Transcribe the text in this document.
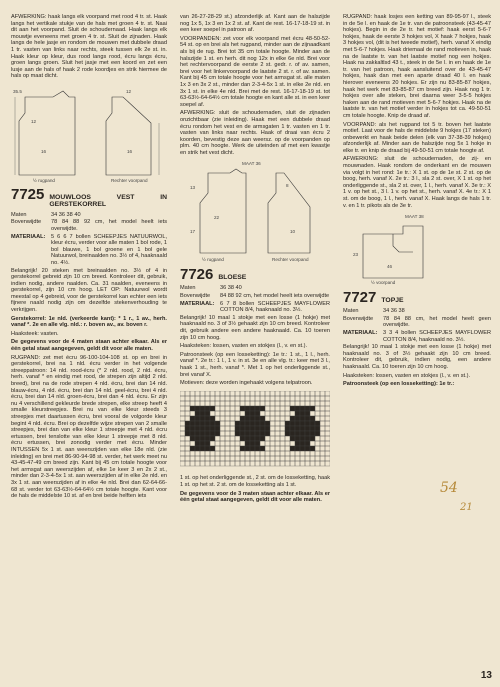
AFWERKING: haak langs elk voorpand met rood 4 tr. st. Haak langs het vertikale stukje van de hals met groen 4 tr. st. Naai dit aan het voorpand. Sluit de schoudernaad. Haak langs elk mouwtje eveneens met groen 4 tr. st. Sluit de zijnaden. Haak langs de hele jasje en rondom de mouwen met dubbele draad 1 tr. vasten van links naar rechts, steek tussen elk 2e st. in. Haak kleur op kleur, dus rood langs rood, écru langs écru, groen langs groen. Sluit het jasje met een koord en zet een lusje aan de hals of haak 2 rode koordjes en strik hiermee de hals op maat dicht.

35.5
12
16
12
16
½ rugpand	Rechter voorpand
7725 MOUWLOOS VEST IN GERSTEKORREL
Maten	34 36 38 40
Bovenwijdte	78 84 88 92 cm, het model heelt iets overwijdte.
MATERIAAL:	5 6 6 7 bollen SCHEEPJES NATUURWOL, kleur écru, verder voor alle maten 1 bol rode, 1 bol blauwe, 1 bol groene en 1 bol gele Natuurwol, breinaalden no. 3½ of 4, haaknaald no. 4½.

Belangrijk! 20 steken met breinaalden no. 3½ of 4 in gerstekorrel gebreid zijn 10 cm breed. Kontroleer dit, gebruik, indien nodig, andere naalden. Ca. 31 naalden, eveneens in gerstekorrel, zijn 10 cm hoog. LET OP: Natuurwol wordt meestal op 4 gebreid, voor de gerstekorrel kan echter een iets fijnere naald nodig zijn om dezelfde stekenverhouding te verkrijgen.

Gerstekorrel: 1e nld. (verkeerde kant): * 1 r., 1 av., herh. vanaf *. 2e en alle vlg. nld.: r. boven av., av. boven r.

Haaksteek: vasten.

De gegevens voor de 4 maten staan achter elkaar. Als er één getal staat aangegeven, geldt dit voor alle maten.

RUGPAND: zet met écru 96-100-104-108 st. op en brei in gerstekorrel, brei na 1 nld. écru verder in het volgende streeppatroon: 14 nld. rood-écru (* 2 nld. rood, 2 nld. écru, herh. vanaf * en eindig met rood, de strepen zijn altijd 2 nld. breed), brei na de rode strepen 4 nld. écru, brei dan 14 nld. blauw-écru, 4 nld. écru, brei dan 14 nld. geel-écru, brei 4 nld. écru, brei dan 14 nld. groen-écru, brei dan 4 nld. écru. Er zijn nu 4 verschillend gekleurde brede strepen, elke streep heeft 4 smalle kleurstreepjes. Brei nu van elke kleur steeds 3 streepjes met daartussen écru, brei vooral de volgorde kleur begint 4 nld. écru. Brei op dezelfde wijze strepen van 2 smalle streepjes, brei dan van elke kleur 1 streepje met 4 nld. écru ertussen, brei tenslotte van elke kleur 1 streepje met 8 nld. écru ertussen, brei zonodig verder met écru. Minder INTUSSEN 5x 1 st. aan weerszijden van elke 18e nld. (zie inleiding) en brei met 86-90-94-98 st. verder, het werk meet nu 43-45-47-49 cm breed zijn. Kant bij 45 cm totale hoogte voor het armsgat aan weerszijden af, elke 1e keer 3 en 2x 2 st., minder dan 2-3-4-5x 1 st. aan weerszijden af in elke 2e nld. en 3x 1 st. aan weerszijden af in elke 4e nld. Brei dan 62-64-66-68 st. verder tot 63-63½-64-64½ cm totale hoogte. Kant voor de hals de middelste 10 st. af en brei beide helften iets

van 26-27-28-29 st.) afzonderlijk af. Kant aan de halszijde nog 1x 5, 1x 3 en 1x 2 st. af. Kant de rest. 16-17-18-19 st. in een keer soepel in patroon af.

VOORPANDEN: zet voor elk voorpand met écru 48-50-52-54 st. op en brei als het rugpand, minder aan de zijnaadkant als bij de rug. Brei tot 35 cm totale hoogte. Minder aan de halszijde 1 st. en herh. dit nog 12x in elke 6e nld. Brei voor het rechtervoorpand de eerste 2 st. gedr. r. of av. samen, brei voor het linkervoorpand de laatste 2 st. r. of av. samen. Kant bij 45 cm totale hoogte voor het armsgat st. alle maten 1x 3 en 3x 2 st., minder dan 2-3-4-5x 1 st. in elke 2e nld. en 3x 1 st. in elke 4e nld. Brei met de rest. 16-17-18-19 st. tot 63-63½-64-64½ cm totale hoogte en kant alle st. in een keer soepel af.

AFWERKING: sluit de schoudernaden, sluit de zijnaden onzichtbaar (zie inleiding). Haak met een dubbele draad écru rondom het vest en de armsgaten 1 tr. vasten en 1 tr. vasten van links naar rechts. Haak of draai van écru 2 koorden, bevestig deze aan weersz. op de voorpanden op plm. 40 cm hoogte. Werk de uiteinden af met een kwastje en strik het vest dicht.

MAAT 36
22
13
17
8
10
½ rugpand	Rechter voorpand
7726 BLOESE
Maten	36 38 40
Bovenwijdte	84 88 92 cm, het model heelt iets overwijdte
MATERIAAL:	6 7 8 bollen SCHEEPJES MAYFLOWER COTTON 8/4, haaknaald no. 3½.

Belangrijk! 10 maal 1 stokje met een losse (1 hokje) met haaknaald no. 3 of 3½ gehaakt zijn 10 cm breed. Kontroleer dit, gebruik andere een andere haaknaald. Ca. 10 toeren zijn 10 cm hoog.

Haaksteken: lossen, vasten en stokjes (l., v. en st.).

Patroonsteek (op een losseketting): 1e tr.: 1 st., 1 l., herh. vanaf *. 2e tr.: 1 l., 1 v. in st. 3e en alle vlg. tr.: keer met 3 l., haak 1 st., herh. vanaf *. Met 1 op het onderliggende st., brei vanaf X.

Motieven: deze worden ingehaakt volgens telpatroon.

1 st. op het onderliggende st., 2 st. om de losseketting, haak 1 st. op het st. 2 st. om de losseketting als 1 st.

De gegevens voor de 3 maten staan achter elkaar. Als er één getal staat aangegeven, geldt dit voor alle maten.

RUGPAND: haak losjes een ketting van 89-95-97 l., steek in de 5e l. en haak de 1e tr. van de patroonsteek (43-45-47 hokjes). Begin in de 2e tr. het motief: haak eerst 5-6-7 hokjes, haak de eerste 3 hokjes vol, X haak 7 hokjes, haak 3 hokjes vol, (dit is het tweede motief), herh. vanaf X eindig met 5-6-7 hokjes. Haak driemaal de rand motieven in, haak na de laatste tr. van het laatste motief nog een hokjes. Haak na zakkaltlsd 43 t., steek in de 5e l. in en haak de 1e tr. van het patroon, haak aansluitend over de 43-45-47 hokjes, haak dan met een aparte draad 40 l. en haak hierover eveneens 20 hokjes. Er zijn nu 83-85-87 hokjes, haak het werk met 83-85-87 cm breed zijn. Haak nog 1 tr. hokjes over alle steken, brei daarna weer 3-5-5 hokjes haken aan de rand motieven met 5-6-7 hokjes. Haak na de laatste tr. van het motief verder in hokjes tot ca. 49-50-51 cm totale hoogte. Knip de draad af.

VOORPAND: als het rugpand tot 5 tr. boven het laatste motief. Laat voor de hals de middelste 9 hokjes (17 steken) onbewerkt en haak beide delen (elk van 37-38-39 hokjes) afzonderlijk af. Minder aan de halszijde nog 5x 1 hokje in elke tr. en knip de draad bij 49-50-51 cm totale hoogte af.

AFWERKING: sluit de schoudernaden, de zij- en mouwnaden. Haak rondom de onderkant en de mouwen via volgt in het rond: 1e tr.: X 1 st. op de 1e st. 2 st. op de boog, herh. vanaf X. 2e tr.: 3 l., sla 2 st. over, X 1 st. op het onderliggende st., sla 2 st. over, 1 l., herh. vanaf X. 3e tr.: X 1 v. op het st., 3 l. 1 v. op het st., herh. vanaf X. 4e tr.: X 1 st. om de boog, 1 l., herh. vanaf X. Haak langs de hals 1 tr. v. en 1 tr. pikots als de 3e tr.

MAAT 38
23
46
½ voorpand
7727 TOPJE
Maten	34 36 38
Bovenwijdte	78 84 88 cm, het model heelt geen overwijdte.
MATERIAAL:	3 3 4 bollen SCHEEPJES MAYFLOWER COTTON 8/4, haaknaald no. 3½.

Belangrijk! 10 maal 1 stokje met een losse (1 hokje) met haaknaald no. 3 of 3½ gehaakt zijn 10 cm breed. Kontroleer dit, gebruik, indien nodig, een andere haaknaald. Ca. 10 toeren zijn 10 cm hoog.

Haaksteken: lossen, vasten en stokjes (l., v. en st.).

Patroonsteek (op een losseketting): 1e tr.:

54
21
13
